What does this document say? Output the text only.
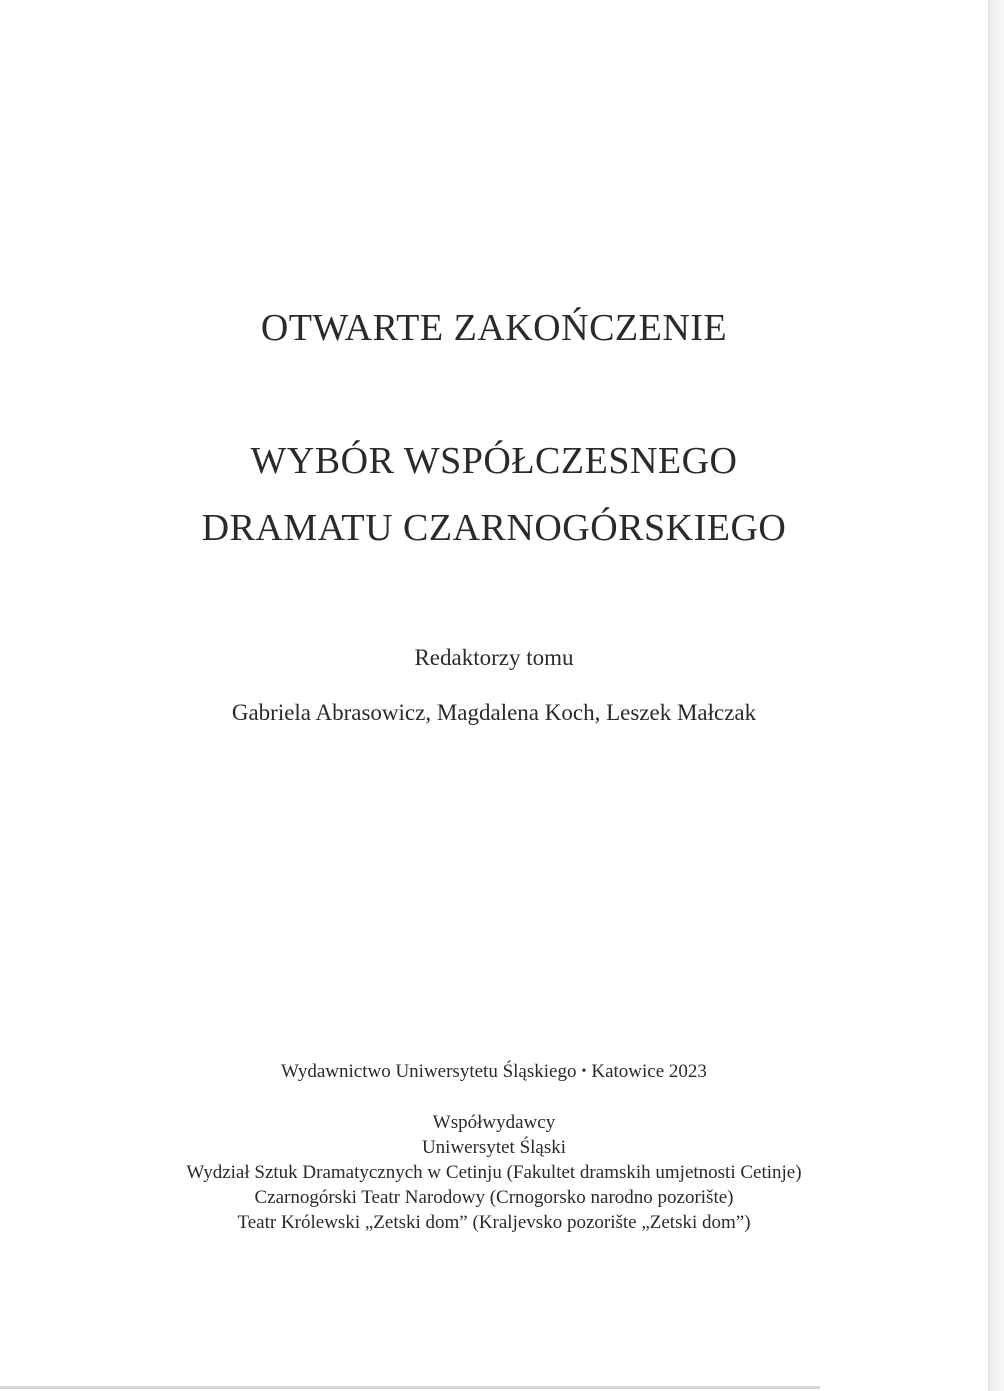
OTWARTE ZAKOŃCZENIE
WYBÓR WSPÓŁCZESNEGO
DRAMATU CZARNOGÓRSKIEGO
Redaktorzy tomu
Gabriela Abrasowicz, Magdalena Koch, Leszek Małczak
Wydawnictwo Uniwersytetu Śląskiego • Katowice 2023
Współwydawcy
Uniwersytet Śląski
Wydział Sztuk Dramatycznych w Cetinju (Fakultet dramskih umjetnosti Cetinje)
Czarnogórski Teatr Narodowy (Crnogorsko narodno pozorište)
Teatr Królewski „Zetski dom” (Kraljevsko pozorište „Zetski dom”)
